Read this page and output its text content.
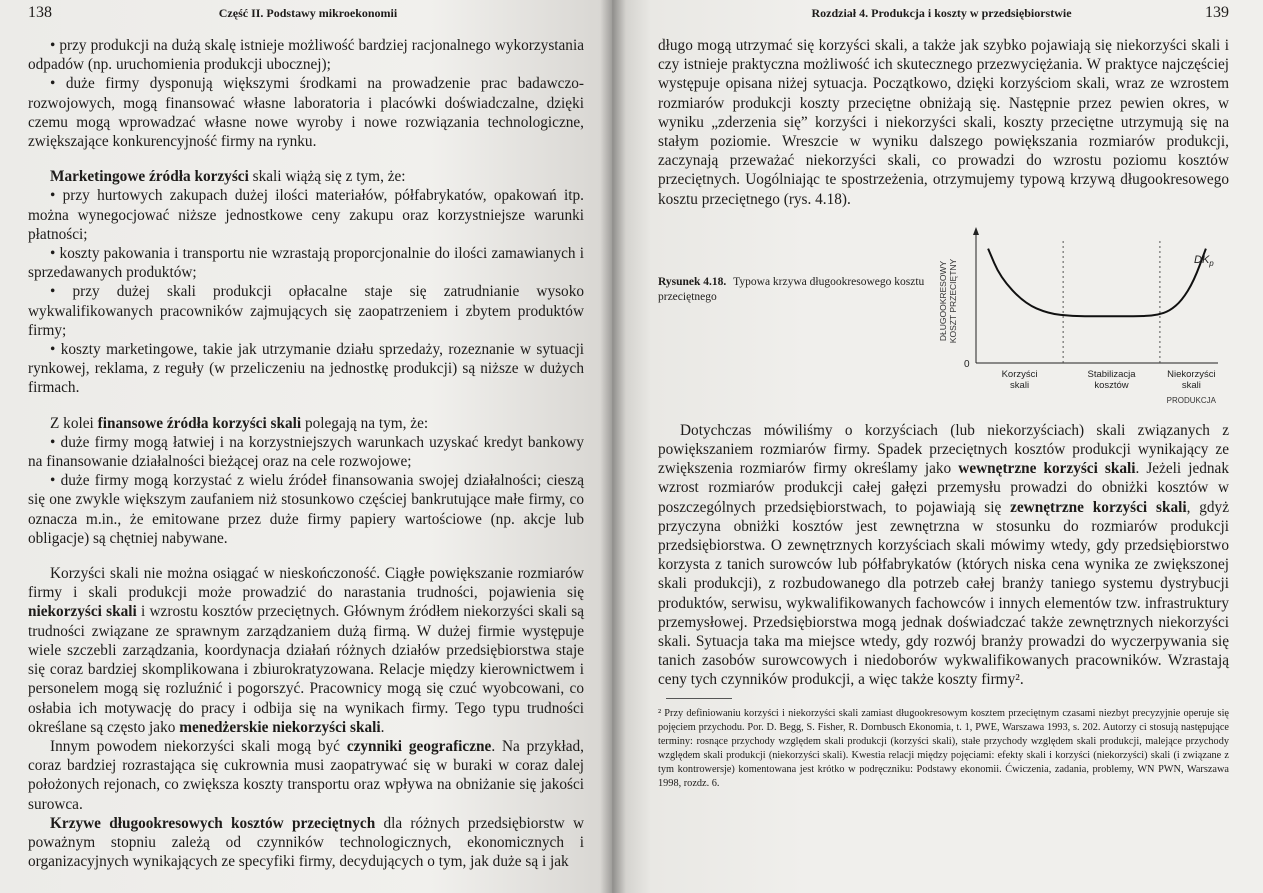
138	Część II. Podstawy mikroekonomii

• przy produkcji na dużą skalę istnieje możliwość bardziej racjonalnego wykorzystania odpadów (np. uruchomienia produkcji ubocznej);

• duże firmy dysponują większymi środkami na prowadzenie prac badawczo-rozwojowych, mogą finansować własne laboratoria i placówki doświadczalne, dzięki czemu mogą wprowadzać własne nowe wyroby i nowe rozwiązania technologiczne, zwiększające konkurencyjność firmy na rynku.

Marketingowe źródła korzyści skali wiążą się z tym, że:

• przy hurtowych zakupach dużej ilości materiałów, półfabrykatów, opakowań itp. można wynegocjować niższe jednostkowe ceny zakupu oraz korzystniejsze warunki płatności;

• koszty pakowania i transportu nie wzrastają proporcjonalnie do ilości zamawianych i sprzedawanych produktów;

• przy dużej skali produkcji opłacalne staje się zatrudnianie wysoko wykwalifikowanych pracowników zajmujących się zaopatrzeniem i zbytem produktów firmy;

• koszty marketingowe, takie jak utrzymanie działu sprzedaży, rozeznanie w sytuacji rynkowej, reklama, z reguły (w przeliczeniu na jednostkę produkcji) są niższe w dużych firmach.

Z kolei finansowe źródła korzyści skali polegają na tym, że:

• duże firmy mogą łatwiej i na korzystniejszych warunkach uzyskać kredyt bankowy na finansowanie działalności bieżącej oraz na cele rozwojowe;

• duże firmy mogą korzystać z wielu źródeł finansowania swojej działalności; cieszą się one zwykle większym zaufaniem niż stosunkowo częściej bankrutujące małe firmy, co oznacza m.in., że emitowane przez duże firmy papiery wartościowe (np. akcje lub obligacje) są chętniej nabywane.

Korzyści skali nie można osiągać w nieskończoność. Ciągłe powiększanie rozmiarów firmy i skali produkcji może prowadzić do narastania trudności, pojawienia się niekorzyści skali i wzrostu kosztów przeciętnych. Głównym źródłem niekorzyści skali są trudności związane ze sprawnym zarządzaniem dużą firmą. W dużej firmie występuje wiele szczebli zarządzania, koordynacja działań różnych działów przedsiębiorstwa staje się coraz bardziej skomplikowana i zbiurokratyzowana. Relacje między kierownictwem i personelem mogą się rozluźnić i pogorszyć. Pracownicy mogą się czuć wyobcowani, co osłabia ich motywację do pracy i odbija się na wynikach firmy. Tego typu trudności określane są często jako menedżerskie niekorzyści skali.

Innym powodem niekorzyści skali mogą być czynniki geograficzne. Na przykład, coraz bardziej rozrastająca się cukrownia musi zaopatrywać się w buraki w coraz dalej położonych rejonach, co zwiększa koszty transportu oraz wpływa na obniżanie się jakości surowca.

Krzywe długookresowych kosztów przeciętnych dla różnych przedsiębiorstw w poważnym stopniu zależą od czynników technologicznych, ekonomicznych i organizacyjnych wynikających ze specyfiki firmy, decydujących o tym, jak duże są i jak

Rozdział 4. Produkcja i koszty w przedsiębiorstwie	139

długo mogą utrzymać się korzyści skali, a także jak szybko pojawiają się niekorzyści skali i czy istnieje praktyczna możliwość ich skutecznego przezwyciężania. W praktyce najczęściej występuje opisana niżej sytuacja. Początkowo, dzięki korzyściom skali, wraz ze wzrostem rozmiarów produkcji koszty przeciętne obniżają się. Następnie przez pewien okres, w wyniku „zderzenia się” korzyści i niekorzyści skali, koszty przeciętne utrzymują się na stałym poziomie. Wreszcie w wyniku dalszego powiększania rozmiarów produkcji, zaczynają przeważać niekorzyści skali, co prowadzi do wzrostu poziomu kosztów przeciętnych. Uogólniając te spostrzeżenia, otrzymujemy typową krzywą długookresowego kosztu przeciętnego (rys. 4.18).

Rysunek 4.18. Typowa krzywa długookresowego kosztu przeciętnego	DŁUGOOKRESOWY KOSZT PRZECIĘTNY
0
$DK_p$
Korzyści
skali
Stabilizacja
kosztów
Niekorzyści
skali
PRODUKCJA

Dotychczas mówiliśmy o korzyściach (lub niekorzyściach) skali związanych z powiększaniem rozmiarów firmy. Spadek przeciętnych kosztów produkcji wynikający ze zwiększenia rozmiarów firmy określamy jako wewnętrzne korzyści skali. Jeżeli jednak wzrost rozmiarów produkcji całej gałęzi przemysłu prowadzi do obniżki kosztów w poszczególnych przedsiębiorstwach, to pojawiają się zewnętrzne korzyści skali, gdyż przyczyna obniżki kosztów jest zewnętrzna w stosunku do rozmiarów produkcji przedsiębiorstwa. O zewnętrznych korzyściach skali mówimy wtedy, gdy przedsiębiorstwo korzysta z tanich surowców lub półfabrykatów (których niska cena wynika ze zwiększonej skali produkcji), z rozbudowanego dla potrzeb całej branży taniego systemu dystrybucji produktów, serwisu, wykwalifikowanych fachowców i innych elementów tzw. infrastruktury przemysłowej. Przedsiębiorstwa mogą jednak doświadczać także zewnętrznych niekorzyści skali. Sytuacja taka ma miejsce wtedy, gdy rozwój branży prowadzi do wyczerpywania się tanich zasobów surowcowych i niedoborów wykwalifikowanych pracowników. Wzrastają ceny tych czynników produkcji, a więc także koszty firmy².

² Przy definiowaniu korzyści i niekorzyści skali zamiast długookresowym kosztem przeciętnym czasami niezbyt precyzyjnie operuje się pojęciem przychodu. Por. D. Begg, S. Fisher, R. Dornbusch Ekonomia, t. 1, PWE, Warszawa 1993, s. 202. Autorzy ci stosują następujące terminy: rosnące przychody względem skali produkcji (korzyści skali), stałe przychody względem skali produkcji, malejące przychody względem skali produkcji (niekorzyści skali). Kwestia relacji między pojęciami: efekty skali i korzyści (niekorzyści) skali (i związane z tym kontrowersje) komentowana jest krótko w podręczniku: Podstawy ekonomii. Ćwiczenia, zadania, problemy, WN PWN, Warszawa 1998, rozdz. 6.
